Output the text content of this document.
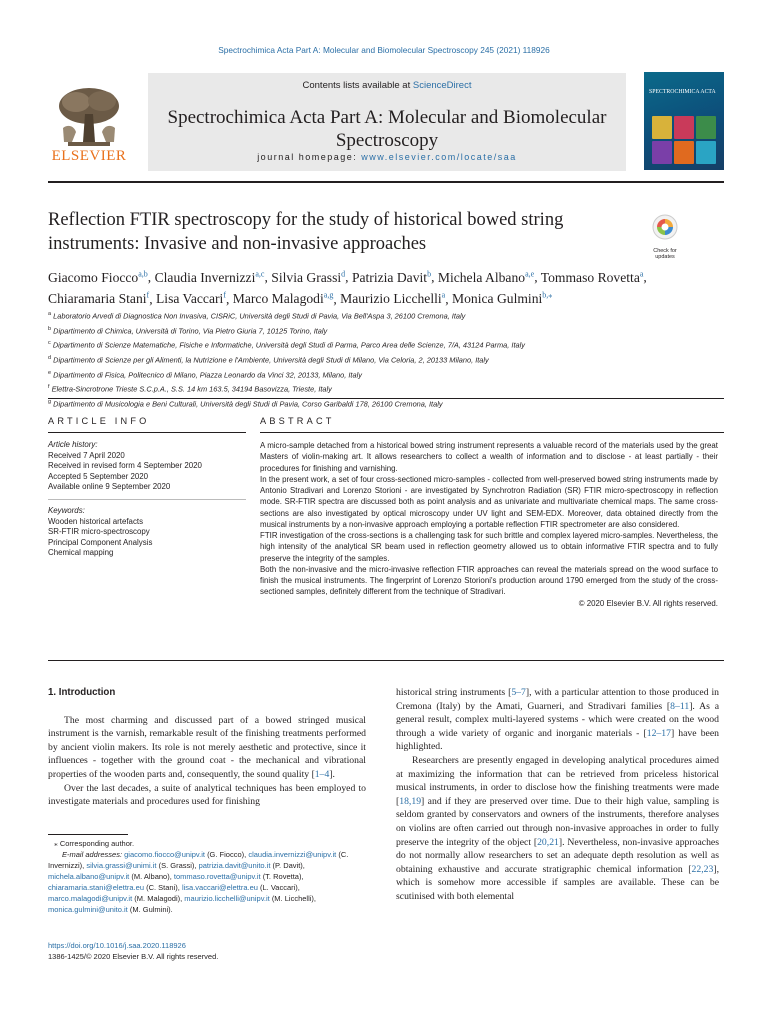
Spectrochimica Acta Part A: Molecular and Biomolecular Spectroscopy 245 (2021) 118926
ELSEVIER
Contents lists available at ScienceDirect
Spectrochimica Acta Part A: Molecular and Biomolecular
Spectroscopy
journal homepage: www.elsevier.com/locate/saa
SPECTROCHIMICA ACTA
Reflection FTIR spectroscopy for the study of historical bowed string
instruments: Invasive and non-invasive approaches	Check for updates
Giacomo Fiocco$^{a,b}$, Claudia Invernizzi$^{a,c}$, Silvia Grassi$^d$, Patrizia Davit$^b$, Michela Albano$^{a,e}$, Tommaso Rovetta$^a$,
Chiaramaria Stani$^f$, Lisa Vaccari$^f$, Marco Malagodi$^{a,g}$, Maurizio Licchelli$^a$, Monica Gulmini$^{b,⁎}$
$^a$ Laboratorio Arvedi di Diagnostica Non Invasiva, CISRiC, Università degli Studi di Pavia, Via Bell'Aspa 3, 26100 Cremona, Italy
$^b$ Dipartimento di Chimica, Università di Torino, Via Pietro Giuria 7, 10125 Torino, Italy
$^c$ Dipartimento di Scienze Matematiche, Fisiche e Informatiche, Università degli Studi di Parma, Parco Area delle Scienze, 7/A, 43124 Parma, Italy
$^d$ Dipartimento di Scienze per gli Alimenti, la Nutrizione e l'Ambiente, Università degli Studi di Milano, Via Celoria, 2, 20133 Milano, Italy
$^e$ Dipartimento di Fisica, Politecnico di Milano, Piazza Leonardo da Vinci 32, 20133, Milano, Italy
$^f$ Elettra-Sincrotrone Trieste S.C.p.A., S.S. 14 km 163.5, 34194 Basovizza, Trieste, Italy
$^g$ Dipartimento di Musicologia e Beni Culturali, Università degli Studi di Pavia, Corso Garibaldi 178, 26100 Cremona, Italy
ARTICLE INFO
Article history:
Received 7 April 2020
Received in revised form 4 September 2020
Accepted 5 September 2020
Available online 9 September 2020
Keywords:
Wooden historical artefacts
SR-FTIR micro-spectroscopy
Principal Component Analysis
Chemical mapping
ABSTRACT

A micro-sample detached from a historical bowed string instrument represents a valuable record of the materials used by the great Masters of violin-making art. It allows researchers to collect a wealth of information and to disclose - at least partially - their procedures for finishing and varnishing.

In the present work, a set of four cross-sectioned micro-samples - collected from well-preserved bowed string instruments made by Antonio Stradivari and Lorenzo Storioni - are investigated by Synchrotron Radiation (SR) FTIR micro-spectroscopy in reflection mode. SR-FTIR spectra are discussed both as point analysis and as univariate and multivariate chemical maps. The same cross-sections are also investigated by optical microscopy under UV light and SEM-EDX. Moreover, data obtained directly from the musical instruments by a non-invasive approach employing a portable reflection FTIR spectrometer are also considered.

FTIR investigation of the cross-sections is a challenging task for such brittle and complex layered micro-samples. Nevertheless, the high intensity of the analytical SR beam used in reflection geometry allowed us to obtain informative FTIR spectra and to fully preserve the integrity of the samples.

Both the non-invasive and the micro-invasive reflection FTIR approaches can reveal the materials spread on the wood surface to finish the musical instruments. The fingerprint of Lorenzo Storioni's production around 1790 emerged from the study of the cross-sectioned samples, definitely different from the technique of Stradivari.

© 2020 Elsevier B.V. All rights reserved.

1. Introduction

The most charming and discussed part of a bowed stringed musical instrument is the varnish, remarkable result of the finishing treatments performed by ancient violin makers. Its role is not merely aesthetic and protective, since it influences - together with the ground coat - the mechanical and vibrational properties of the wooden parts and, consequently, the sound quality [1–4].

Over the last decades, a suite of analytical techniques has been employed to investigate materials and procedures used for finishing

⁎ Corresponding author.
E-mail addresses: giacomo.fiocco@unipv.it (G. Fiocco), claudia.invernizzi@unipv.it (C. Invernizzi), silvia.grassi@unimi.it (S. Grassi), patrizia.davit@unito.it (P. Davit), michela.albano@unipv.it (M. Albano), tommaso.rovetta@unipv.it (T. Rovetta), chiaramaria.stani@elettra.eu (C. Stani), lisa.vaccari@elettra.eu (L. Vaccari), marco.malagodi@unipv.it (M. Malagodi), maurizio.licchelli@unipv.it (M. Licchelli), monica.gulmini@unito.it (M. Gulmini).
https://doi.org/10.1016/j.saa.2020.118926
1386-1425/© 2020 Elsevier B.V. All rights reserved.

historical string instruments [5–7], with a particular attention to those produced in Cremona (Italy) by the Amati, Guarneri, and Stradivari families [8–11]. As a general result, complex multi-layered systems - which were created on the wood through a wide variety of organic and inorganic materials - [12–17] have been highlighted.

Researchers are presently engaged in developing analytical procedures aimed at maximizing the information that can be retrieved from priceless historical musical instruments, in order to disclose how the finishing treatments were made [18,19] and if they are preserved over time. Due to their high value, sampling is seldom granted by conservators and owners of the instruments, therefore analyses on violins are often carried out through non-invasive approaches in order to fully preserve the integrity of the object [20,21]. Nevertheless, non-invasive approaches do not normally allow researchers to set an adequate depth resolution as well as obtaining exhaustive and accurate stratigraphic chemical information [22,23], which is somehow more accessible if samples are available. These can be scutinised with both elemental
